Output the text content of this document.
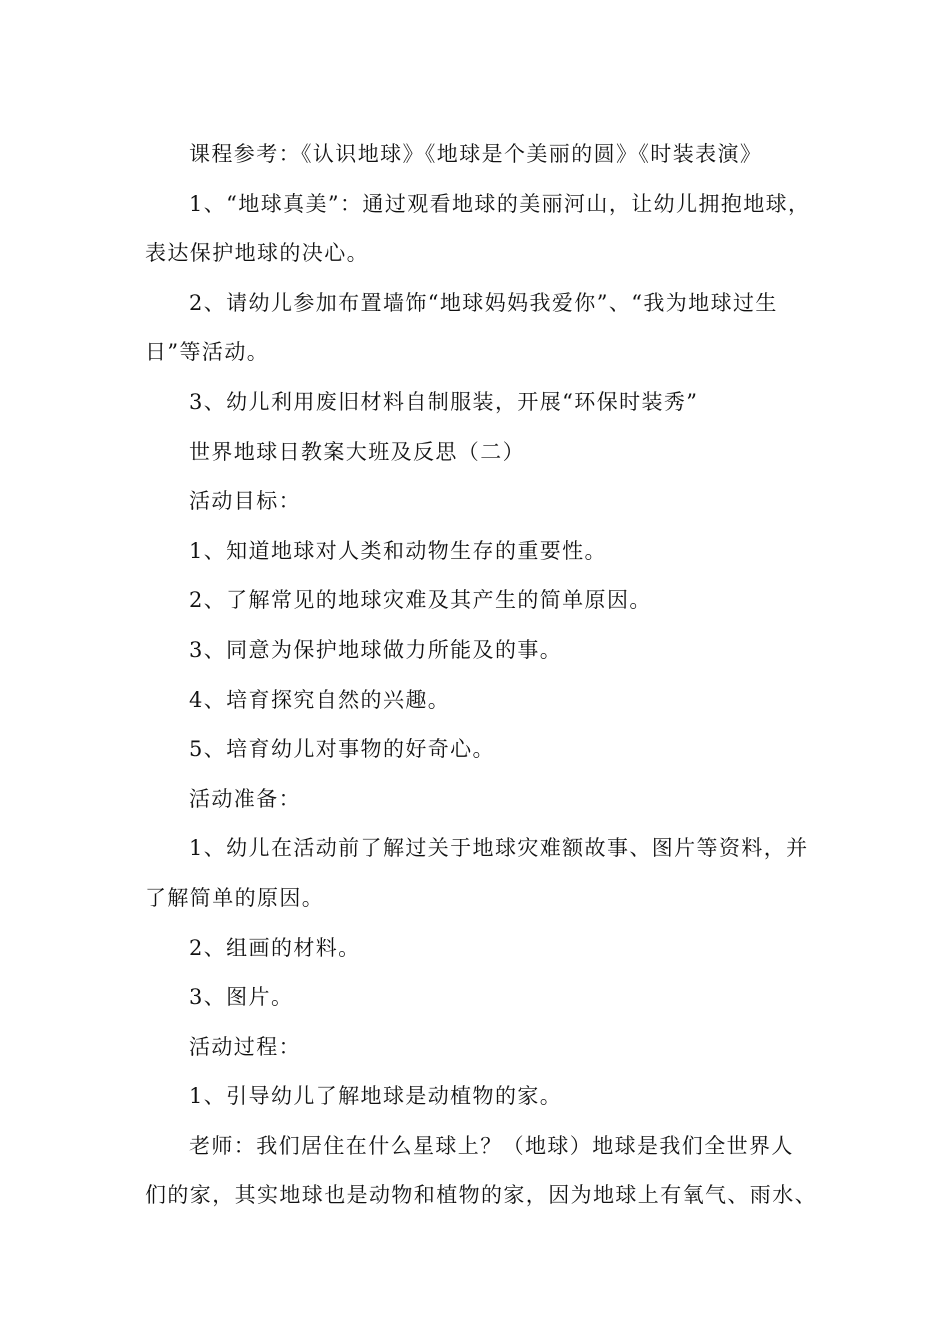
课程参考：《认识地球》《地球是个美丽的圆》《时装表演》

1、“地球真美”：通过观看地球的美丽河山，让幼儿拥抱地球，
表达保护地球的决心。

2、请幼儿参加布置墙饰“地球妈妈我爱你”、“我为地球过生
日”等活动。

3、幼儿利用废旧材料自制服装，开展“环保时装秀”

世界地球日教案大班及反思（二）

活动目标：

1、知道地球对人类和动物生存的重要性。

2、了解常见的地球灾难及其产生的简单原因。

3、同意为保护地球做力所能及的事。

4、培育探究自然的兴趣。

5、培育幼儿对事物的好奇心。

活动准备：

1、幼儿在活动前了解过关于地球灾难额故事、图片等资料，并
了解简单的原因。

2、组画的材料。

3、图片。

活动过程：

1、引导幼儿了解地球是动植物的家。

老师：我们居住在什么星球上？（地球）地球是我们全世界人
们的家，其实地球也是动物和植物的家，因为地球上有氧气、雨水、
